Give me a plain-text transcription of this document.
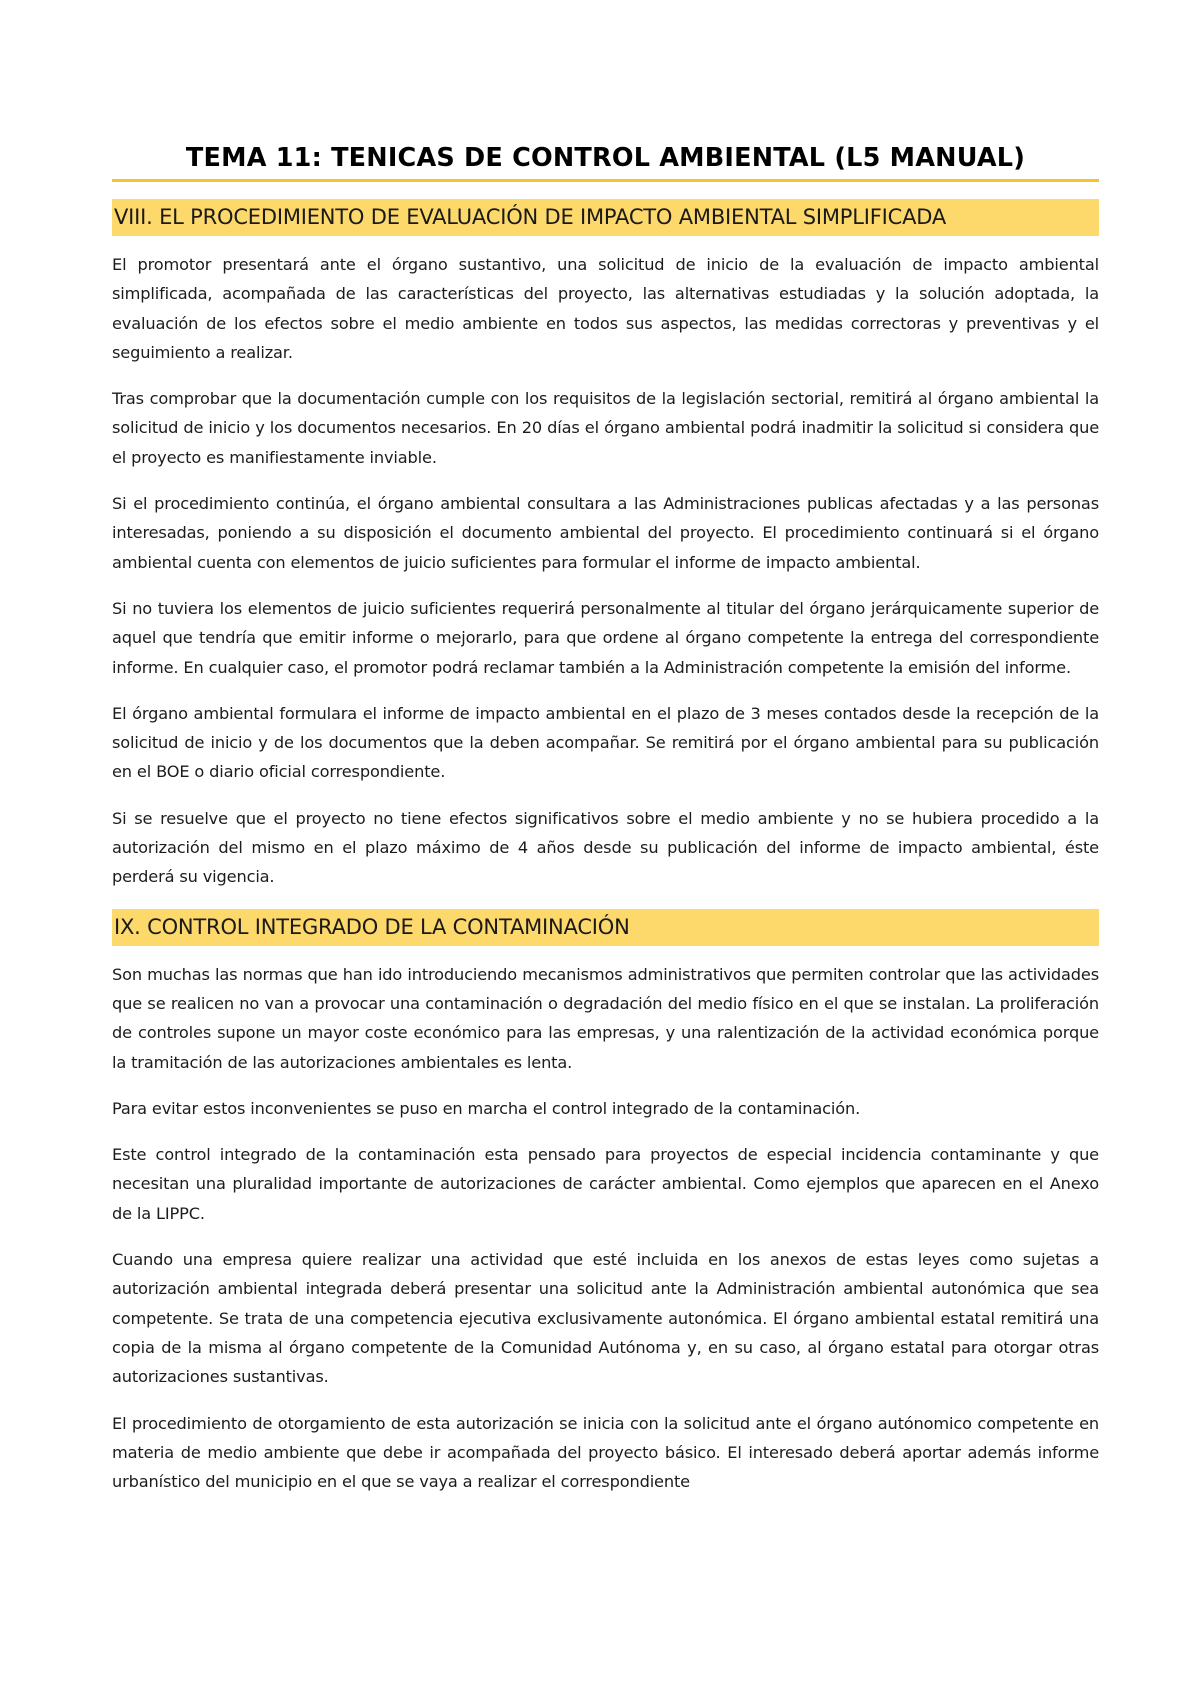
TEMA 11: TENICAS DE CONTROL AMBIENTAL (L5 MANUAL)
VIII. EL PROCEDIMIENTO DE EVALUACIÓN DE IMPACTO AMBIENTAL SIMPLIFICADA

El promotor presentará ante el órgano sustantivo, una solicitud de inicio de la evaluación de impacto ambiental simplificada, acompañada de las características del proyecto, las alternativas estudiadas y la solución adoptada, la evaluación de los efectos sobre el medio ambiente en todos sus aspectos, las medidas correctoras y preventivas y el seguimiento a realizar.

Tras comprobar que la documentación cumple con los requisitos de la legislación sectorial, remitirá al órgano ambiental la solicitud de inicio y los documentos necesarios. En 20 días el órgano ambiental podrá inadmitir la solicitud si considera que el proyecto es manifiestamente inviable.

Si el procedimiento continúa, el órgano ambiental consultara a las Administraciones publicas afectadas y a las personas interesadas, poniendo a su disposición el documento ambiental del proyecto. El procedimiento continuará si el órgano ambiental cuenta con elementos de juicio suficientes para formular el informe de impacto ambiental.

Si no tuviera los elementos de juicio suficientes requerirá personalmente al titular del órgano jerárquicamente superior de aquel que tendría que emitir informe o mejorarlo, para que ordene al órgano competente la entrega del correspondiente informe. En cualquier caso, el promotor podrá reclamar también a la Administración competente la emisión del informe.

El órgano ambiental formulara el informe de impacto ambiental en el plazo de 3 meses contados desde la recepción de la solicitud de inicio y de los documentos que la deben acompañar. Se remitirá por el órgano ambiental para su publicación en el BOE o diario oficial correspondiente.

Si se resuelve que el proyecto no tiene efectos significativos sobre el medio ambiente y no se hubiera procedido a la autorización del mismo en el plazo máximo de 4 años desde su publicación del informe de impacto ambiental, éste perderá su vigencia.

IX. CONTROL INTEGRADO DE LA CONTAMINACIÓN

Son muchas las normas que han ido introduciendo mecanismos administrativos que permiten controlar que las actividades que se realicen no van a provocar una contaminación o degradación del medio físico en el que se instalan. La proliferación de controles supone un mayor coste económico para las empresas, y una ralentización de la actividad económica porque la tramitación de las autorizaciones ambientales es lenta.

Para evitar estos inconvenientes se puso en marcha el control integrado de la contaminación.

Este control integrado de la contaminación esta pensado para proyectos de especial incidencia contaminante y que necesitan una pluralidad importante de autorizaciones de carácter ambiental. Como ejemplos que aparecen en el Anexo de la LIPPC.

Cuando una empresa quiere realizar una actividad que esté incluida en los anexos de estas leyes como sujetas a autorización ambiental integrada deberá presentar una solicitud ante la Administración ambiental autonómica que sea competente. Se trata de una competencia ejecutiva exclusivamente autonómica. El órgano ambiental estatal remitirá una copia de la misma al órgano competente de la Comunidad Autónoma y, en su caso, al órgano estatal para otorgar otras autorizaciones sustantivas.

El procedimiento de otorgamiento de esta autorización se inicia con la solicitud ante el órgano autónomico competente en materia de medio ambiente que debe ir acompañada del proyecto básico. El interesado deberá aportar además informe urbanístico del municipio en el que se vaya a realizar el correspondiente
